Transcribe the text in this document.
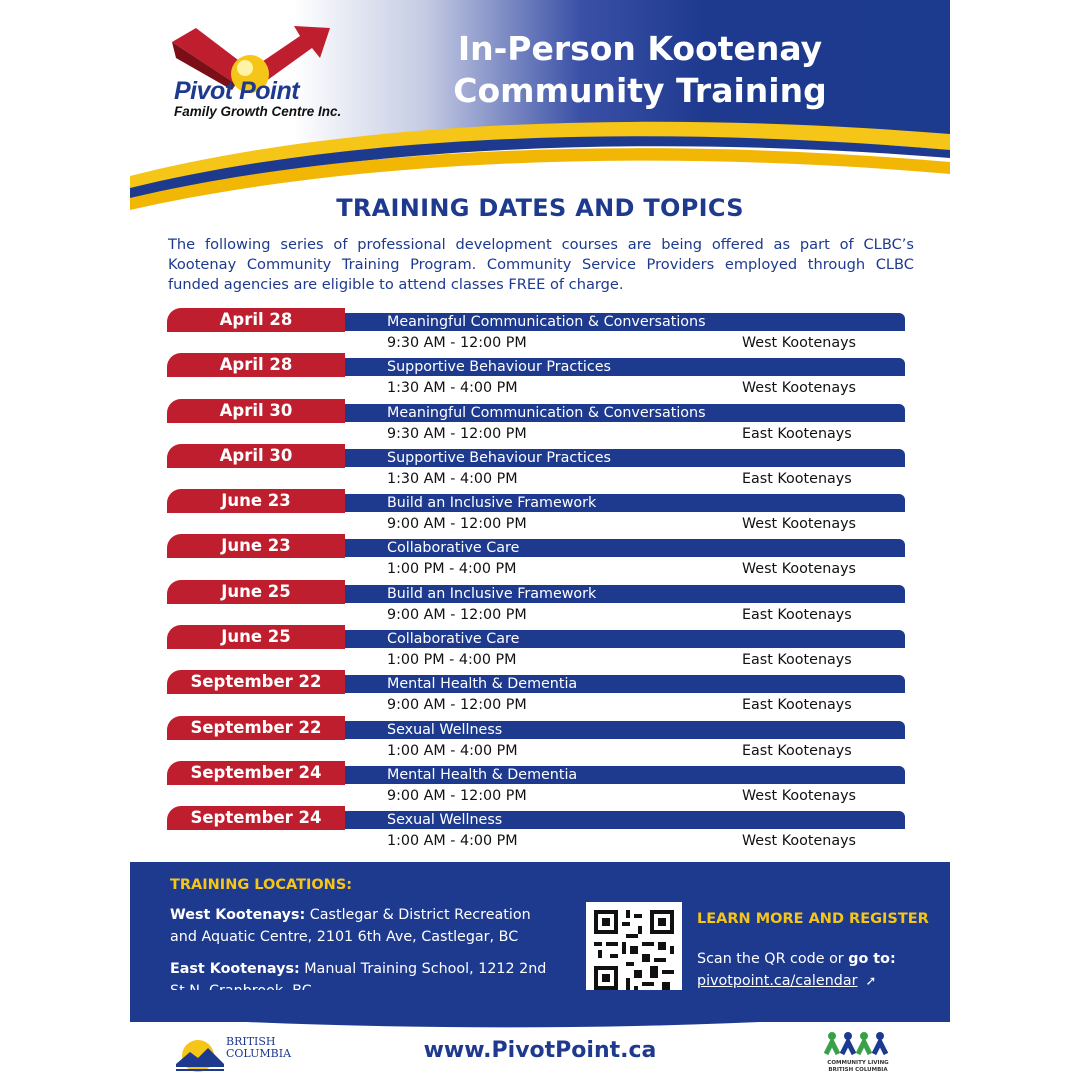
Pivot Point
Family Growth Centre Inc.
In-Person Kootenay
Community Training
TRAINING DATES AND TOPICS
The following series of professional development courses are being offered as part of CLBC’s Kootenay Community Training Program. Community Service Providers employed through CLBC funded agencies are eligible to attend classes FREE of charge.
April 28	Meaningful Communication & Conversations
9:30 AM - 12:00 PM	West Kootenays
April 28	Supportive Behaviour Practices
1:30 AM - 4:00 PM	West Kootenays
April 30	Meaningful Communication & Conversations
9:30 AM - 12:00 PM	East Kootenays
April 30	Supportive Behaviour Practices
1:30 AM - 4:00 PM	East Kootenays
June 23	Build an Inclusive Framework
9:00 AM - 12:00 PM	West Kootenays
June 23	Collaborative Care
1:00 PM - 4:00 PM	West Kootenays
June 25	Build an Inclusive Framework
9:00 AM - 12:00 PM	East Kootenays
June 25	Collaborative Care
1:00 PM - 4:00 PM	East Kootenays
September 22	Mental Health & Dementia
9:00 AM - 12:00 PM	East Kootenays
September 22	Sexual Wellness
1:00 AM - 4:00 PM	East Kootenays
September 24	Mental Health & Dementia
9:00 AM - 12:00 PM	West Kootenays
September 24	Sexual Wellness
1:00 AM - 4:00 PM	West Kootenays
TRAINING LOCATIONS:
West Kootenays: Castlegar & District Recreation and Aquatic Centre, 2101 6th Ave, Castlegar, BC
East Kootenays: Manual Training School, 1212 2nd
LEARN MORE AND REGISTER
Scan the QR code or go to:
pivotpoint.ca/calendar ➚
BRITISH
COLUMBIA	www.PivotPoint.ca	COMMUNITY LIVING
BRITISH COLUMBIA
